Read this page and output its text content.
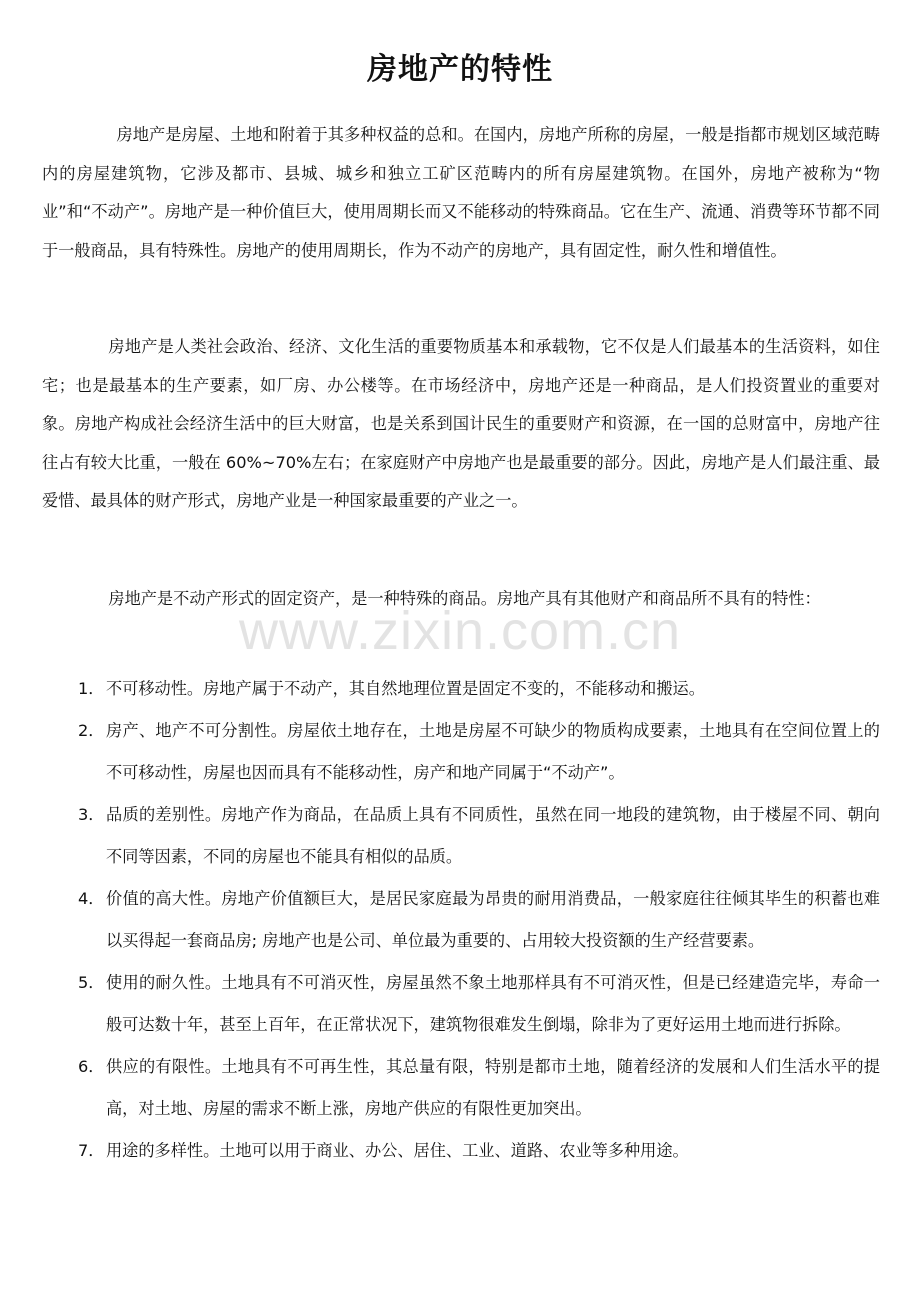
www.zixin.com.cn
房地产的特性

房地产是房屋、土地和附着于其多种权益的总和。在国内，房地产所称的房屋，一般是指都市规划区域范畴内的房屋建筑物，它涉及都市、县城、城乡和独立工矿区范畴内的所有房屋建筑物。在国外，房地产被称为“物业”和“不动产”。房地产是一种价值巨大，使用周期长而又不能移动的特殊商品。它在生产、流通、消费等环节都不同于一般商品，具有特殊性。房地产的使用周期长，作为不动产的房地产，具有固定性，耐久性和增值性。

房地产是人类社会政治、经济、文化生活的重要物质基本和承载物，它不仅是人们最基本的生活资料，如住宅；也是最基本的生产要素，如厂房、办公楼等。在市场经济中，房地产还是一种商品，是人们投资置业的重要对象。房地产构成社会经济生活中的巨大财富，也是关系到国计民生的重要财产和资源，在一国的总财富中，房地产往往占有较大比重，一般在 60%~70%左右；在家庭财产中房地产也是最重要的部分。因此，房地产是人们最注重、最爱惜、最具体的财产形式，房地产业是一种国家最重要的产业之一。

房地产是不动产形式的固定资产，是一种特殊的商品。房地产具有其他财产和商品所不具有的特性：

1． 不可移动性。房地产属于不动产，其自然地理位置是固定不变的，不能移动和搬运。
2． 房产、地产不可分割性。房屋依土地存在，土地是房屋不可缺少的物质构成要素，土地具有在空间位置上的不可移动性，房屋也因而具有不能移动性，房产和地产同属于“不动产”。
3． 品质的差别性。房地产作为商品，在品质上具有不同质性，虽然在同一地段的建筑物，由于楼屋不同、朝向不同等因素，不同的房屋也不能具有相似的品质。
4． 价值的高大性。房地产价值额巨大，是居民家庭最为昂贵的耐用消费品，一般家庭往往倾其毕生的积蓄也难以买得起一套商品房; 房地产也是公司、单位最为重要的、占用较大投资额的生产经营要素。
5． 使用的耐久性。土地具有不可消灭性，房屋虽然不象土地那样具有不可消灭性，但是已经建造完毕，寿命一般可达数十年，甚至上百年，在正常状况下，建筑物很难发生倒塌，除非为了更好运用土地而进行拆除。
6． 供应的有限性。土地具有不可再生性，其总量有限，特别是都市土地，随着经济的发展和人们生活水平的提高，对土地、房屋的需求不断上涨，房地产供应的有限性更加突出。
7． 用途的多样性。土地可以用于商业、办公、居住、工业、道路、农业等多种用途。
